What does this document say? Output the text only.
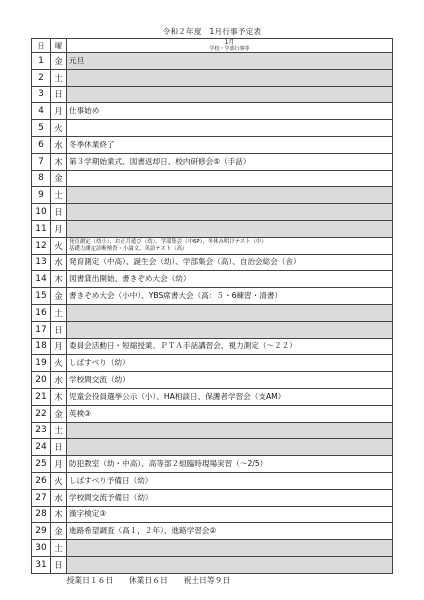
令和２年度　1月行事予定表
日	曜	1月
学校・学部行事等

1	金	元旦
2	土	
3	日	
4	月	仕事始め
5	火	
6	水	冬季休業終了
7	木	第３学期始業式、図書返却日、校内研修会⑤（手話）
8	金	
9	土	
10	日	
11	月	
12	火	発育測定（幼小）、お正月遊び（幼）、学部集会（中6P）、冬休み明けテスト（中）
基礎力測定診断検査・小論文、英語テスト（高）

13	水	発育測定（中高）、誕生会（幼）、学部集会（高）、自治会総会（舎）
14	木	図書貸出開始、書きぞめ大会（幼）
15	金	書きぞめ大会（小中）、YBS席書大会（高：５・6練習・清書）
16	土	
17	日	
18	月	委員会活動日・短縮授業、ＰＴＡ手話講習会、視力測定（～２２）
19	火	しばすべり（幼）
20	水	学校間交流（幼）
21	木	児童会役員選挙公示（小）、HA相談日、保護者学習会（支AM）
22	金	英検③
23	土	
24	日	
25	月	防犯教室（幼・中高）、高等部２組臨時現場実習（～2/5）
26	火	しばすべり予備日（幼）
27	水	学校間交流予備日（幼）
28	木	漢字検定③
29	金	進路希望調査（高１，２年）、進路学習会②
30	土	
31	日	
		授業日１６日　　休業日６日　　祝土日等９日
